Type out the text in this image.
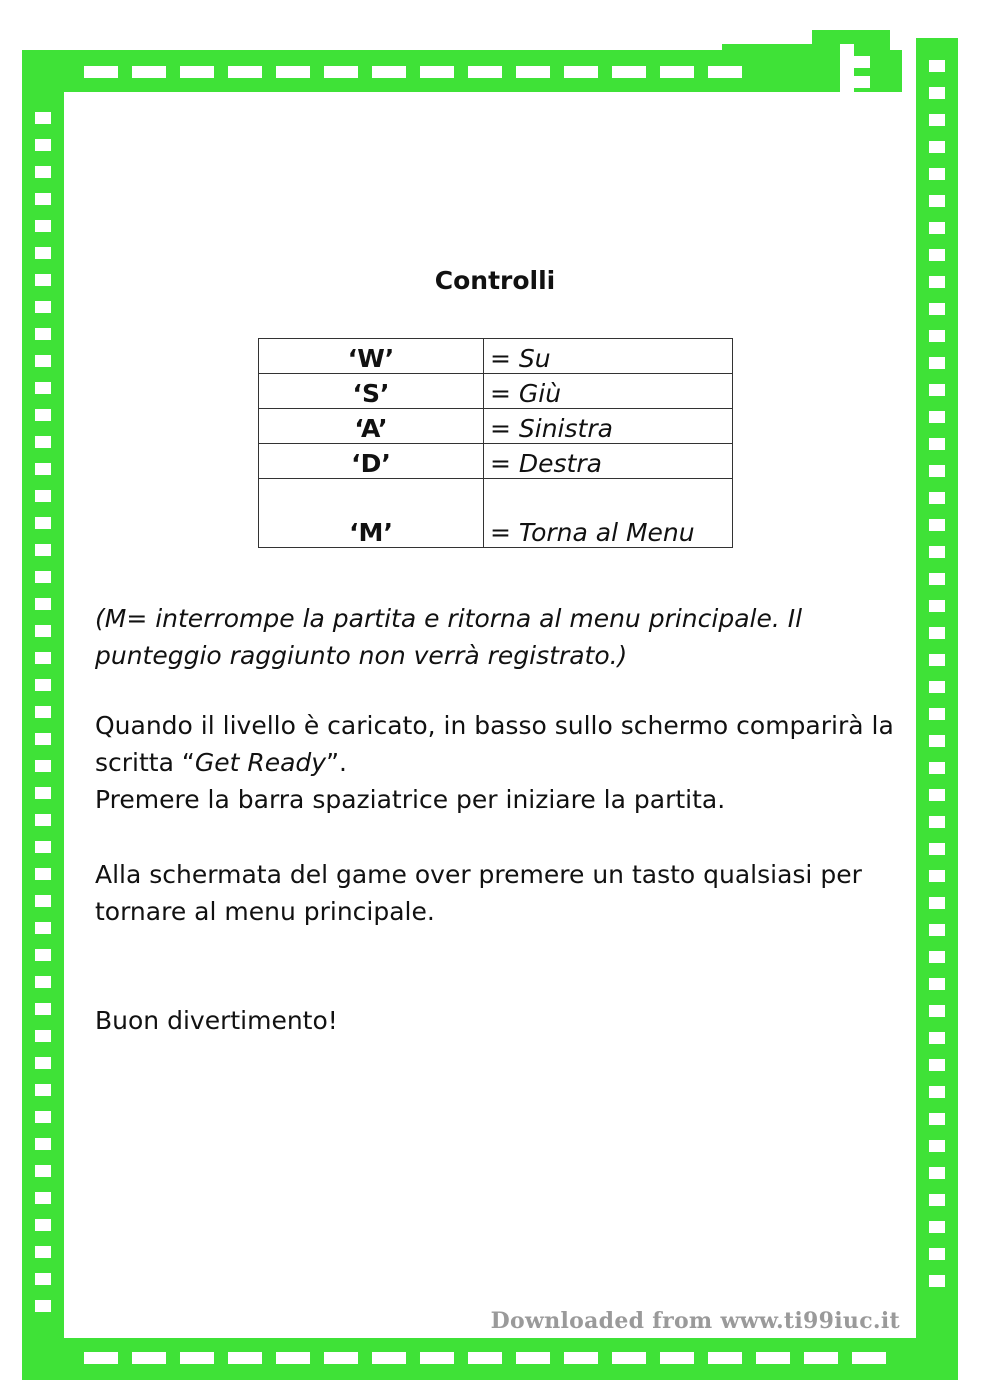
Controlli
‘W’	= Su
‘S’	= Giù
‘A’	= Sinistra
‘D’	= Destra
‘M’	= Torna al Menu

(M= interrompe la partita e ritorna al menu principale. Il punteggio raggiunto non verrà registrato.)

Quando il livello è caricato, in basso sullo schermo comparirà la scritta “Get Ready”.
Premere la barra spaziatrice per iniziare la partita.

Alla schermata del game over premere un tasto qualsiasi per tornare al menu principale.

Buon divertimento!

Downloaded from www.ti99iuc.it
